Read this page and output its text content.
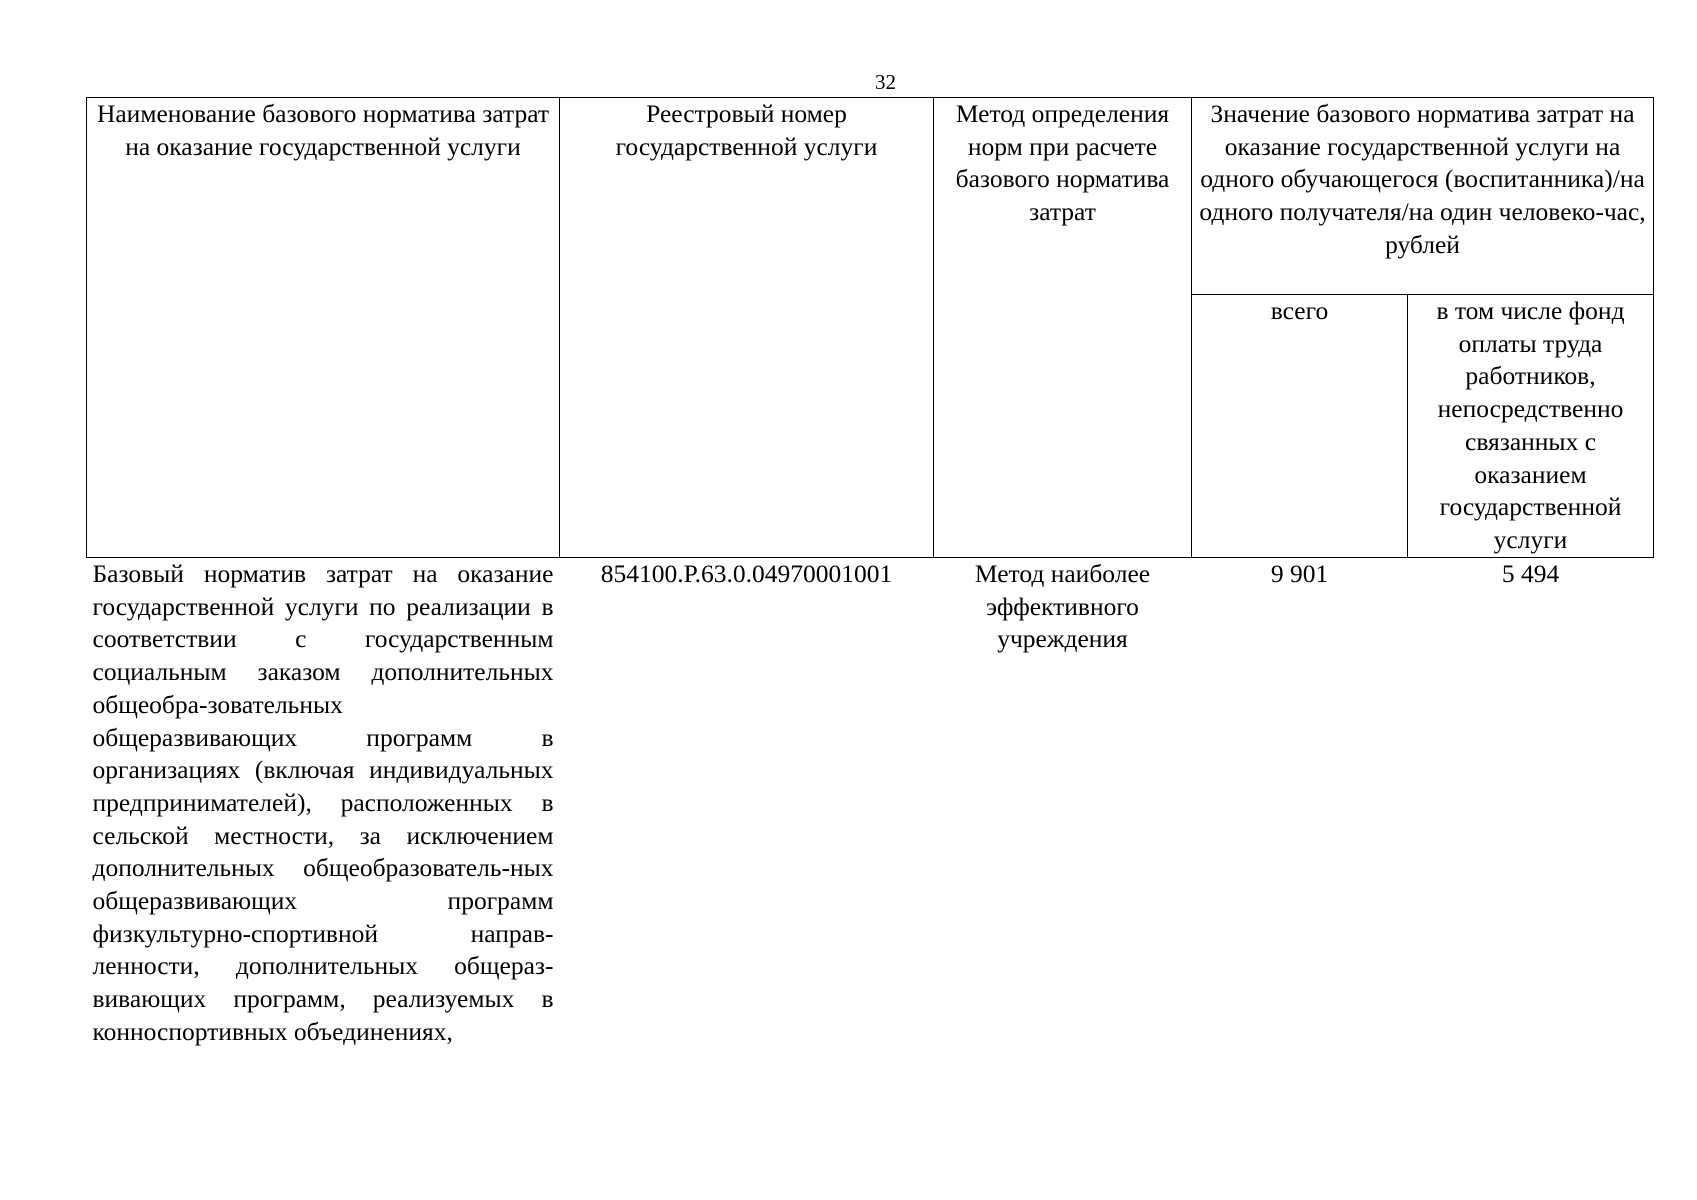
32
Наименование базового норматива затрат на оказание государственной услуги	Реестровый номер государственной услуги	Метод определения норм при расчете базового норматива затрат	Значение базового норматива затрат на оказание государственной услуги на одного обучающегося (воспитанника)/на одного получателя/на один человеко-час, рублей	
			всего	в том числе фонд оплаты труда работников, непосредственно связанных с оказанием государственной услуги
Базовый норматив затрат на оказание государственной услуги по реализации в соответствии с государственным социальным заказом дополнительных общеобра-зовательных общеразвивающих программ в организациях (включая индивидуальных предпринимателей), расположенных в сельской местности, за исключением дополнительных общеобразователь-ных общеразвивающих программ физкультурно-спортивной направ-ленности, дополнительных общераз-вивающих программ, реализуемых в конноспортивных объединениях,	854100.Р.63.0.04970001001	Метод наиболее эффективного учреждения	9 901	5 494
